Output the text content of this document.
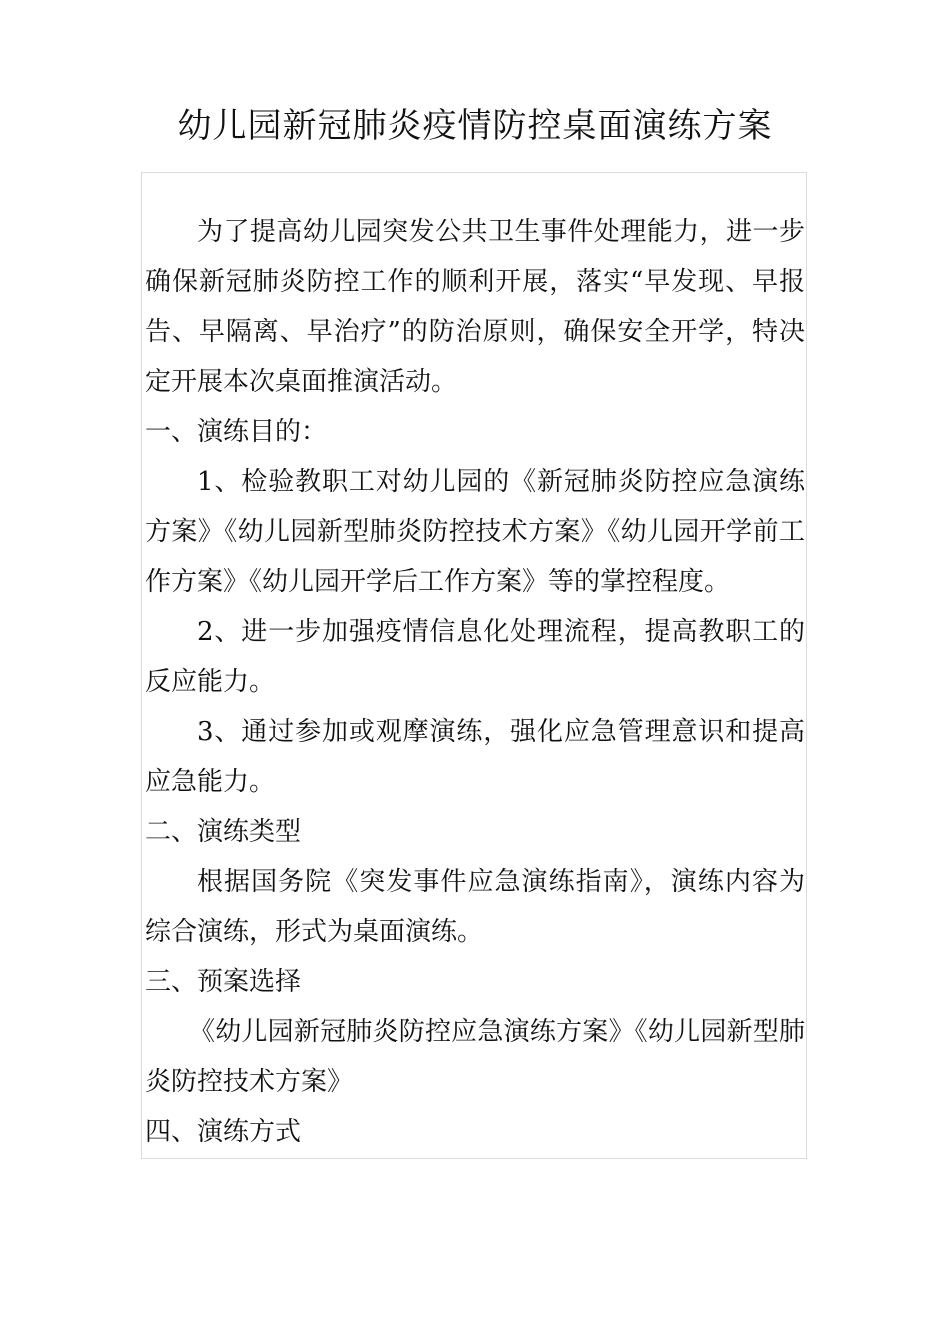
幼儿园新冠肺炎疫情防控桌面演练方案

为了提高幼儿园突发公共卫生事件处理能力，进一步确保新冠肺炎防控工作的顺利开展，落实“早发现、早报告、早隔离、早治疗”的防治原则，确保安全开学，特决定开展本次桌面推演活动。

一、演练目的：

1、检验教职工对幼儿园的《新冠肺炎防控应急演练方案》《幼儿园新型肺炎防控技术方案》《幼儿园开学前工作方案》《幼儿园开学后工作方案》等的掌控程度。

2、进一步加强疫情信息化处理流程，提高教职工的反应能力。

3、通过参加或观摩演练，强化应急管理意识和提高应急能力。

二、演练类型

根据国务院《突发事件应急演练指南》，演练内容为综合演练，形式为桌面演练。

三、预案选择

《幼儿园新冠肺炎防控应急演练方案》《幼儿园新型肺炎防控技术方案》

四、演练方式
